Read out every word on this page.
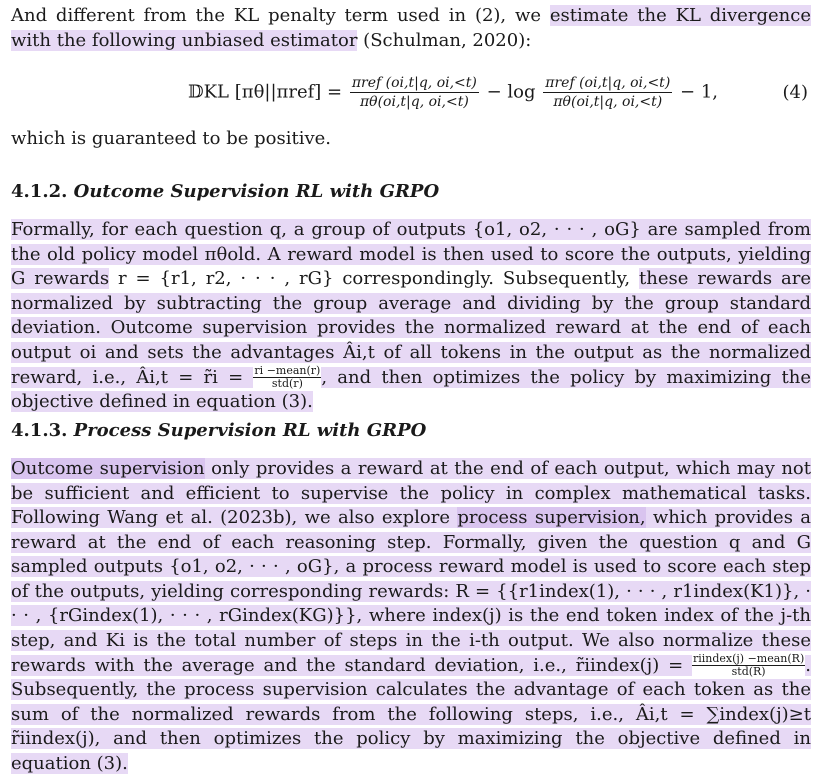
And different from the KL penalty term used in (2), we estimate the KL divergence with the following unbiased estimator (Schulman, 2020):
𝔻KL $[\pi\theta||\pi ref] = \frac{\text{πref (oi,t|q, oi,<t)}}{\pi\theta(oi,t|q, oi,<t)} - \log \frac{\text{πref (oi,t|q, oi,<t)}}{\pi\theta(oi,t|q, oi,<t)} - 1$,	(4)
which is guaranteed to be positive.
4.1.2. Outcome Supervision RL with GRPO
Formally, for each question q, a group of outputs {o1, o2, · · · , oG} are sampled from the old policy model πθold. A reward model is then used to score the outputs, yielding G rewards r = {r1, r2, · · · , rG} correspondingly. Subsequently, these rewards are normalized by subtracting the group average and dividing by the group standard deviation. Outcome supervision provides the normalized reward at the end of each output oi and sets the advantages Âi,t of all tokens in the output as the normalized reward, i.e., Âi,t = r̃i = ri −mean(r)
std(r)	, and then optimizes the policy by maximizing the objective defined in equation (3).
4.1.3. Process Supervision RL with GRPO
Outcome supervision only provides a reward at the end of each output, which may not be sufficient and efficient to supervise the policy in complex mathematical tasks. Following Wang et al. (2023b), we also explore process supervision, which provides a reward at the end of each reasoning step. Formally, given the question q and G sampled outputs {o1, o2, · · · , oG}, a process reward model is used to score each step of the outputs, yielding corresponding rewards: R = {{r1index(1), · · · , r1index(K1)}, · · · , {rGindex(1), · · · , rGindex(KG)}}, where index(j) is the end token index of the j-th step, and Ki is the total number of steps in the i-th output. We also normalize these rewards with the average and the standard deviation, i.e., r̃iindex(j) = riindex(j) −mean(R)
std(R)	. Subsequently, the process supervision calculates the advantage of each token as the sum of the normalized rewards from the following steps, i.e., Âi,t = ∑index(j)≥t r̃iindex(j), and then optimizes the policy by maximizing the objective defined in equation (3).
